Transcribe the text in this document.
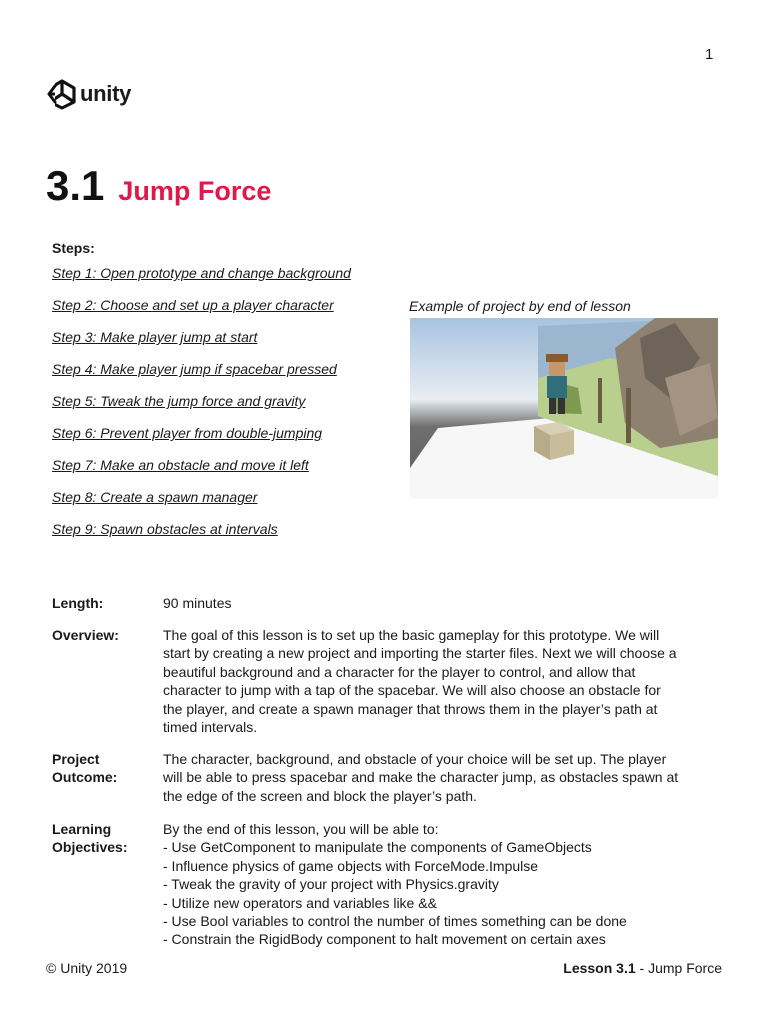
1
unity
3.1 Jump Force
Steps:
Step 1: Open prototype and change background
Step 2: Choose and set up a player character
Step 3: Make player jump at start
Step 4: Make player jump if spacebar pressed
Step 5: Tweak the jump force and gravity
Step 6: Prevent player from double-jumping
Step 7: Make an obstacle and move it left
Step 8: Create a spawn manager
Step 9: Spawn obstacles at intervals
Example of project by end of lesson
Length:	90 minutes
Overview:	The goal of this lesson is to set up the basic gameplay for this prototype. We will start by creating a new project and importing the starter files. Next we will choose a beautiful background and a character for the player to control, and allow that character to jump with a tap of the spacebar. We will also choose an obstacle for the player, and create a spawn manager that throws them in the player’s path at timed intervals.
Project
Outcome:
The character, background, and obstacle of your choice will be set up. The player will be able to press spacebar and make the character jump, as obstacles spawn at the edge of the screen and block the player’s path.
Learning
Objectives:
By the end of this lesson, you will be able to:
- Use GetComponent to manipulate the components of GameObjects
- Influence physics of game objects with ForceMode.Impulse
- Tweak the gravity of your project with Physics.gravity
- Utilize new operators and variables like &&
- Use Bool variables to control the number of times something can be done
- Constrain the RigidBody component to halt movement on certain axes
© Unity 2019	Lesson 3.1 - Jump Force
